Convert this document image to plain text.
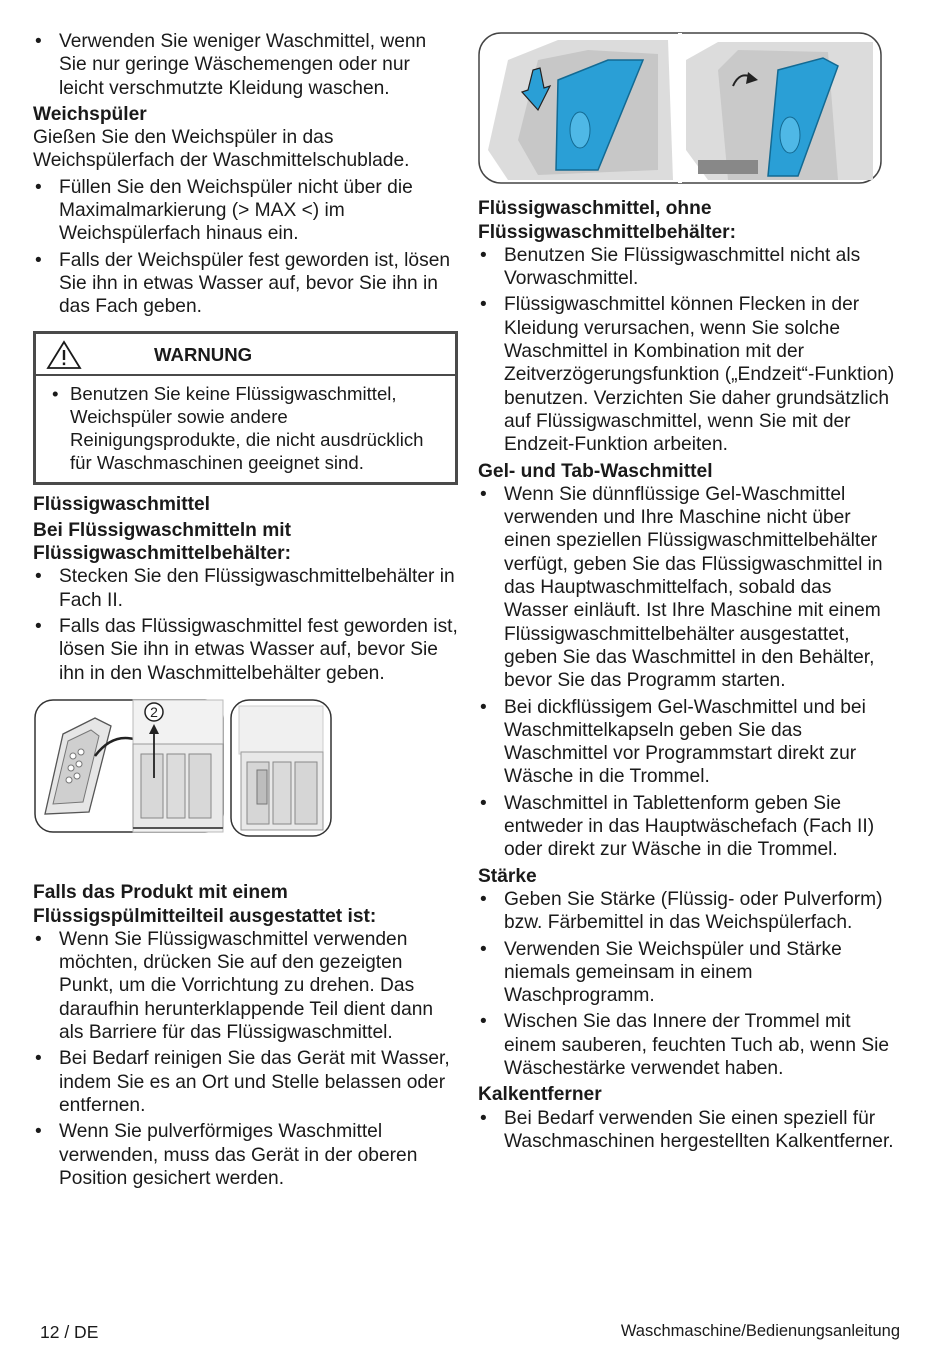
• Verwenden Sie weniger Waschmittel, wenn Sie nur geringe Wäschemengen oder nur leicht verschmutzte Kleidung waschen.

Weichspüler

Gießen Sie den Weichspüler in das Weichspülerfach der Waschmittelschublade.

• Füllen Sie den Weichspüler nicht über die Maximalmarkierung (> MAX <) im Weichspülerfach hinaus ein.
• Falls der Weichspüler fest geworden ist, lösen Sie ihn in etwas Wasser auf, bevor Sie ihn in das Fach geben.
WARNUNG
• Benutzen Sie keine Flüssigwaschmittel, Weichspüler sowie andere Reinigungsprodukte, die nicht ausdrücklich für Waschmaschinen geeignet sind.

Flüssigwaschmittel

Bei Flüssigwaschmitteln mit Flüssigwaschmittelbehälter:

• Stecken Sie den Flüssigwaschmittelbehälter in Fach II.
• Falls das Flüssigwaschmittel fest geworden ist, lösen Sie ihn in etwas Wasser auf, bevor Sie ihn in den Waschmittelbehälter geben.
2

Falls das Produkt mit einem Flüssigspülmitteilteil ausgestattet ist:

• Wenn Sie Flüssigwaschmittel verwenden möchten, drücken Sie auf den gezeigten Punkt, um die Vorrichtung zu drehen. Das daraufhin herunterklappende Teil dient dann als Barriere für das Flüssigwaschmittel.
• Bei Bedarf reinigen Sie das Gerät mit Wasser, indem Sie es an Ort und Stelle belassen oder entfernen.
• Wenn Sie pulverförmiges Waschmittel verwenden, muss das Gerät in der oberen Position gesichert werden.

Flüssigwaschmittel, ohne Flüssigwaschmittelbehälter:

• Benutzen Sie Flüssigwaschmittel nicht als Vorwaschmittel.
• Flüssigwaschmittel können Flecken in der Kleidung verursachen, wenn Sie solche Waschmittel in Kombination mit der Zeitverzögerungsfunktion („Endzeit“-Funktion) benutzen. Verzichten Sie daher grundsätzlich auf Flüssigwaschmittel, wenn Sie mit der Endzeit-Funktion arbeiten.

Gel- und Tab-Waschmittel

• Wenn Sie dünnflüssige Gel-Waschmittel verwenden und Ihre Maschine nicht über einen speziellen Flüssigwaschmittelbehälter verfügt, geben Sie das Flüssigwaschmittel in das Hauptwaschmittelfach, sobald das Wasser einläuft. Ist Ihre Maschine mit einem Flüssigwaschmittelbehälter ausgestattet, geben Sie das Waschmittel in den Behälter, bevor Sie das Programm starten.
• Bei dickflüssigem Gel-Waschmittel und bei Waschmittelkapseln geben Sie das Waschmittel vor Programmstart direkt zur Wäsche in die Trommel.
• Waschmittel in Tablettenform geben Sie entweder in das Hauptwäschefach (Fach II) oder direkt zur Wäsche in die Trommel.

Stärke

• Geben Sie Stärke (Flüssig- oder Pulverform) bzw. Färbemittel in das Weichspülerfach.
• Verwenden Sie Weichspüler und Stärke niemals gemeinsam in einem Waschprogramm.
• Wischen Sie das Innere der Trommel mit einem sauberen, feuchten Tuch ab, wenn Sie Wäschestärke verwendet haben.

Kalkentferner

• Bei Bedarf verwenden Sie einen speziell für Waschmaschinen hergestellten Kalkentferner.
12 / DE	Waschmaschine/Bedienungsanleitung
